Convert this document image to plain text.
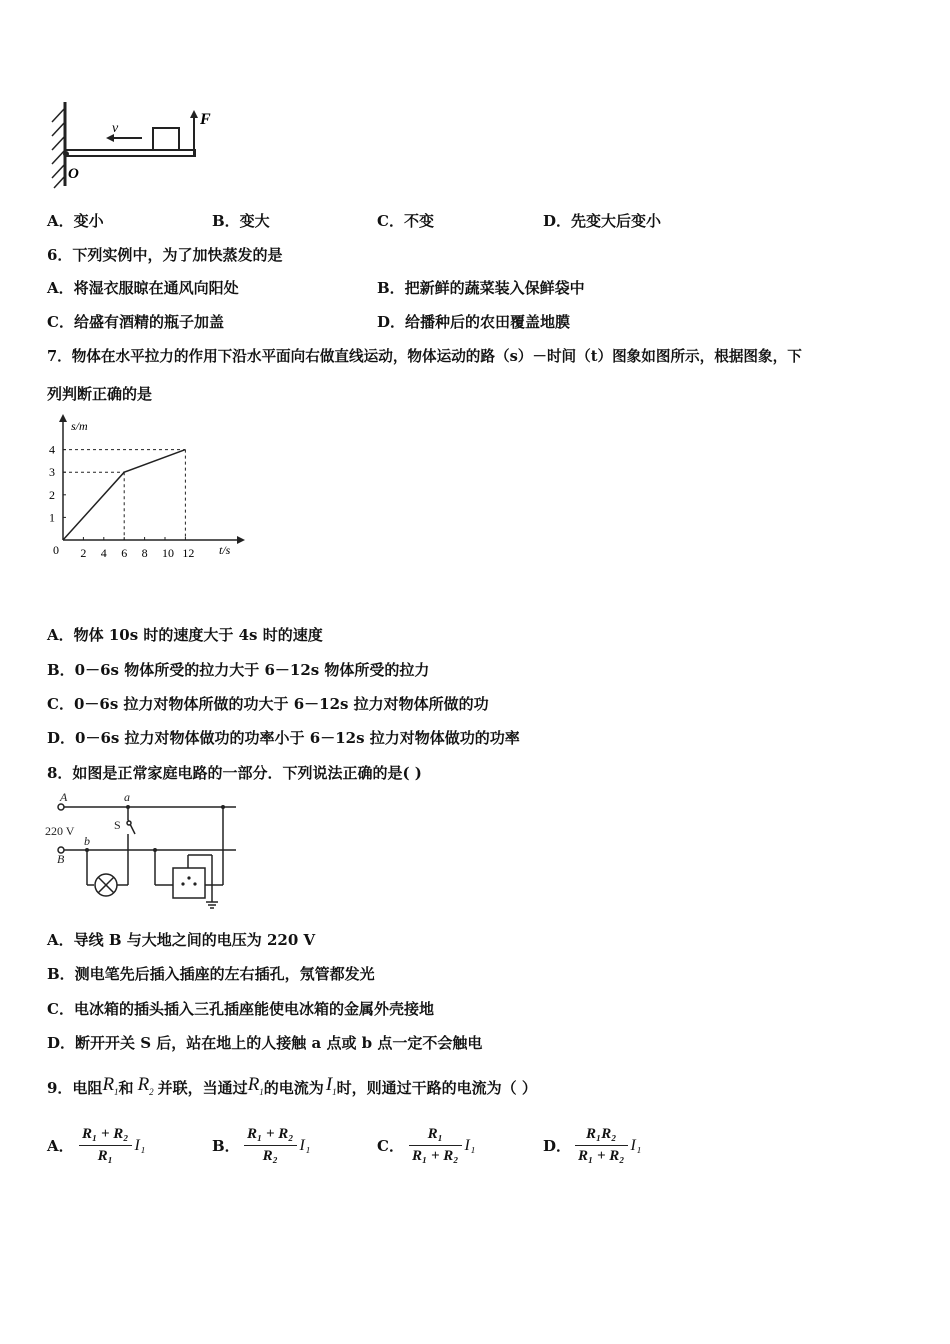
v
F
O
A．变小	B．变大	C．不变	D．先变大后变小
6．下列实例中，为了加快蒸发的是
A．将湿衣服晾在通风向阳处	B．把新鲜的蔬菜装入保鲜袋中
C．给盛有酒精的瓶子加盖	D．给播种后的农田覆盖地膜
7．物体在水平拉力的作用下沿水平面向右做直线运动，物体运动的路（s）－时间（t）图象如图所示，根据图象，下
列判断正确的是
2 4 6 8 10 12
1
2
3
4
0	t/s
s/m
A．物体 10s 时的速度大于 4s 时的速度
B．0－6s 物体所受的拉力大于 6－12s 物体所受的拉力
C．0－6s 拉力对物体所做的功大于 6－12s 拉力对物体所做的功
D．0－6s 拉力对物体做功的功率小于 6－12s 拉力对物体做功的功率
8．如图是正常家庭电路的一部分．下列说法正确的是( )
A	a
S
220 V
B
b
A．导线 B 与大地之间的电压为 220 V
B．测电笔先后插入插座的左右插孔，氖管都发光
C．电冰箱的插头插入三孔插座能使电冰箱的金属外壳接地
D．断开开关 S 后，站在地上的人接触 a 点或 b 点一定不会触电
9．电阻 $R_1$ 和 $R_2$ 并联，当通过 $R_1$ 的电流为 $I_1$ 时，则通过干路的电流为（ ）
A． $\frac{\text{R₁ + R₂}}{\text{R₁}} I_1$	B． $\frac{\text{R₁ + R₂}}{\text{R₂}} I_1$	C． $\frac{\text{R₁}}{\text{R₁ + R₂}} I_1$	D． $\frac{\text{R₁R₂}}{\text{R₁ + R₂}} I_1$
